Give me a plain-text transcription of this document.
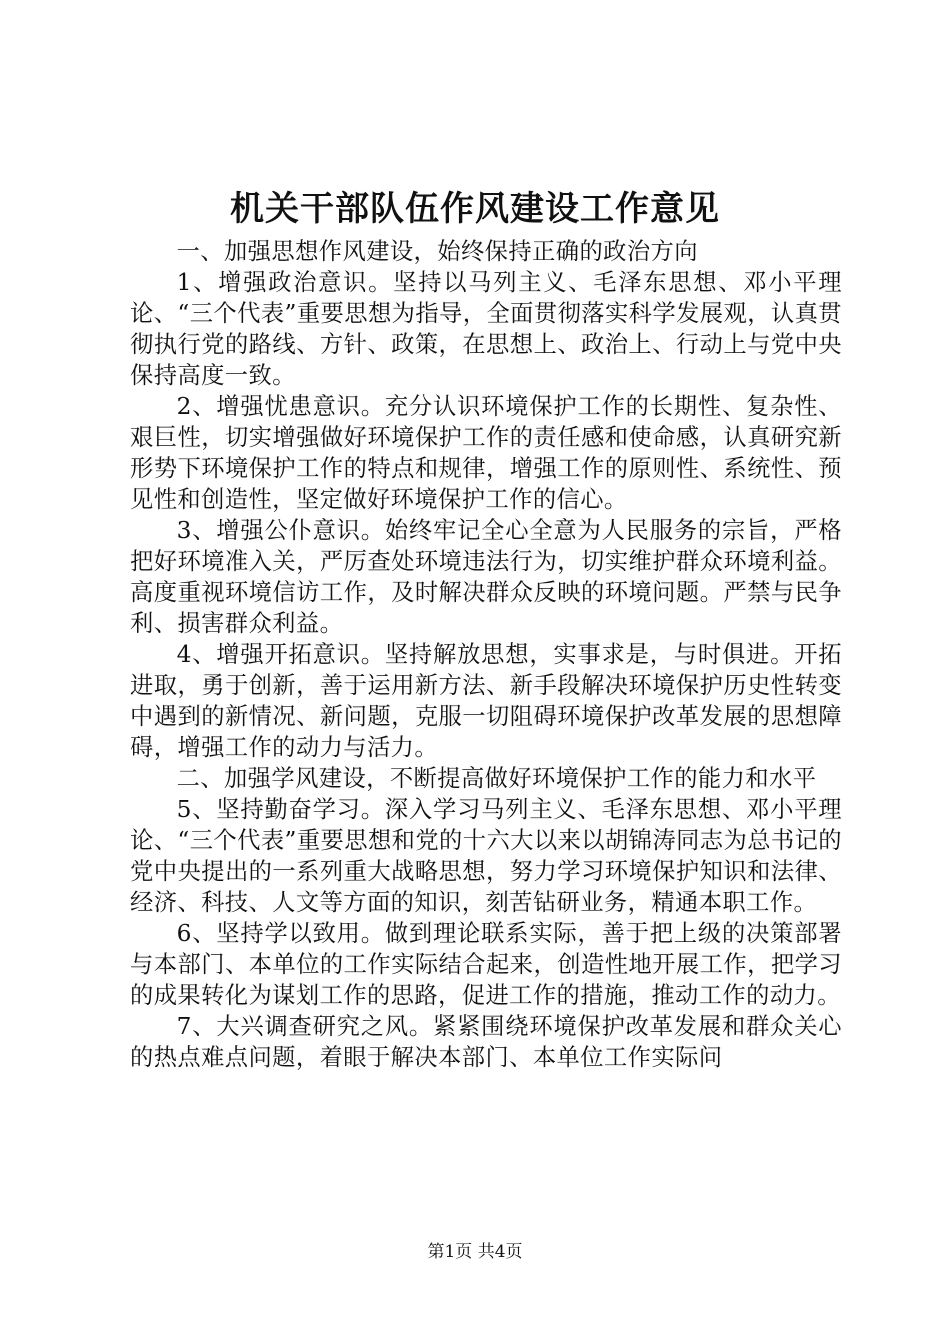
机关干部队伍作风建设工作意见

一、加强思想作风建设，始终保持正确的政治方向

1、增强政治意识。坚持以马列主义、毛泽东思想、邓小平理论、“三个代表”重要思想为指导，全面贯彻落实科学发展观，认真贯彻执行党的路线、方针、政策，在思想上、政治上、行动上与党中央保持高度一致。

2、增强忧患意识。充分认识环境保护工作的长期性、复杂性、艰巨性，切实增强做好环境保护工作的责任感和使命感，认真研究新形势下环境保护工作的特点和规律，增强工作的原则性、系统性、预见性和创造性，坚定做好环境保护工作的信心。

3、增强公仆意识。始终牢记全心全意为人民服务的宗旨，严格把好环境准入关，严厉查处环境违法行为，切实维护群众环境利益。高度重视环境信访工作，及时解决群众反映的环境问题。严禁与民争利、损害群众利益。

4、增强开拓意识。坚持解放思想，实事求是，与时俱进。开拓进取，勇于创新，善于运用新方法、新手段解决环境保护历史性转变中遇到的新情况、新问题，克服一切阻碍环境保护改革发展的思想障碍，增强工作的动力与活力。

二、加强学风建设，不断提高做好环境保护工作的能力和水平

5、坚持勤奋学习。深入学习马列主义、毛泽东思想、邓小平理论、“三个代表”重要思想和党的十六大以来以胡锦涛同志为总书记的党中央提出的一系列重大战略思想，努力学习环境保护知识和法律、经济、科技、人文等方面的知识，刻苦钻研业务，精通本职工作。

6、坚持学以致用。做到理论联系实际，善于把上级的决策部署与本部门、本单位的工作实际结合起来，创造性地开展工作，把学习的成果转化为谋划工作的思路，促进工作的措施，推动工作的动力。

7、大兴调查研究之风。紧紧围绕环境保护改革发展和群众关心的热点难点问题，着眼于解决本部门、本单位工作实际问

第1页 共4页
